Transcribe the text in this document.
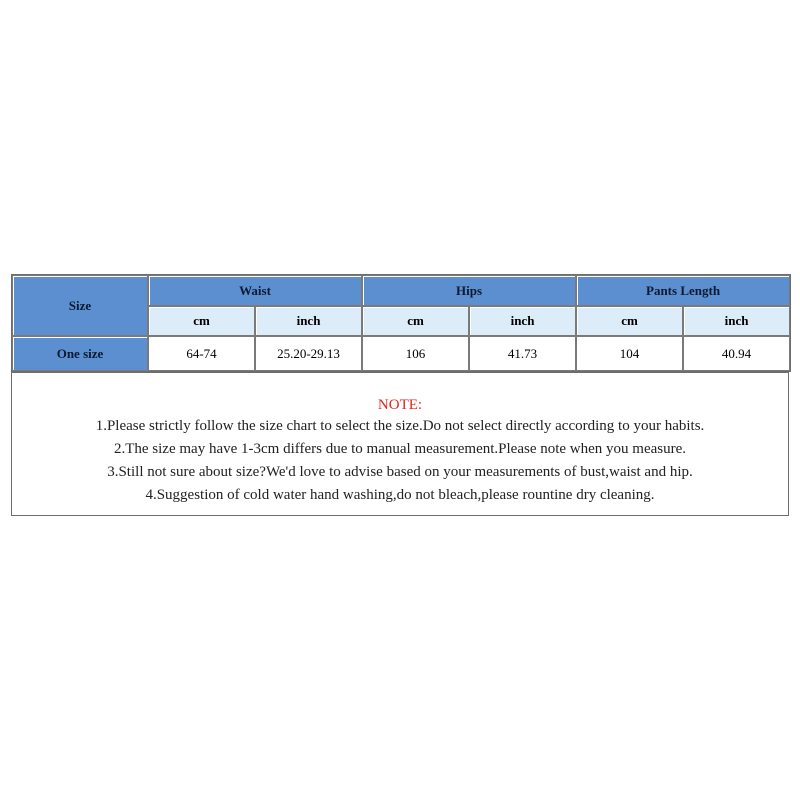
Size	Waist		Hips		Pants Length	
	cm	inch	cm	inch	cm	inch
One size	64-74	25.20-29.13	106	41.73	104	40.94
NOTE:
1.Please strictly follow the size chart to select the size.Do not select directly according to your habits.
2.The size may have 1-3cm differs due to manual measurement.Please note when you measure.
3.Still not sure about size?We'd love to advise based on your measurements of bust,waist and hip.
4.Suggestion of cold water hand washing,do not bleach,please rountine dry cleaning.
